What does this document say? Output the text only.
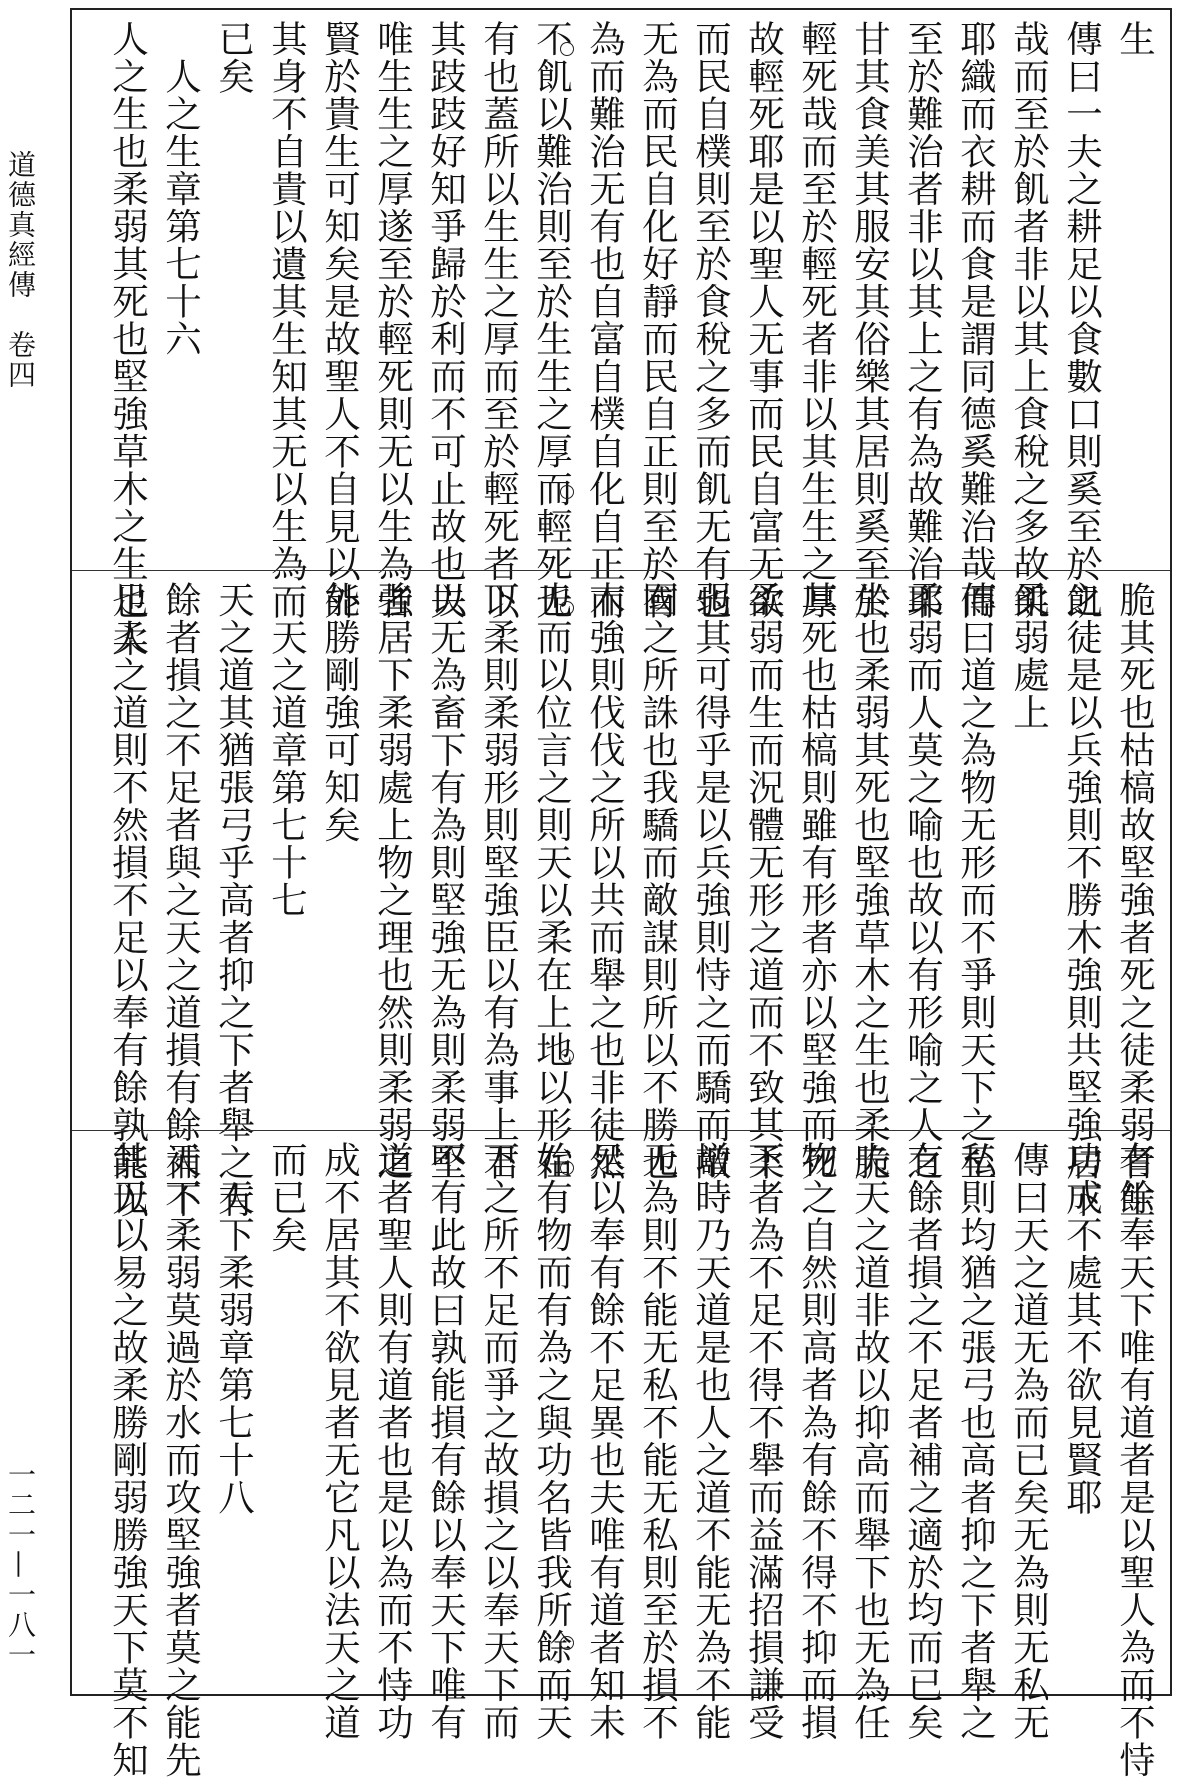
道德真經傳　卷四
一二一—一八一
生
傳曰一夫之耕足以食數口則奚至於飢
哉而至於飢者非以其上食稅之多故飢
耶織而衣耕而食是謂同德奚難治哉而
至於難治者非以其上之有為故難治耶
甘其食美其服安其俗樂其居則奚至於
輕死哉而至於輕死者非以其生生之厚
故輕死耶是以聖人无事而民自富无欲
而民自樸則至於食稅之多而飢无有也
无為而民自化好靜而民自正則至於有
為而難治无有也自富自樸自化自正而
不飢以難治則至於生生之厚而輕死无
有也蓋所以生生之厚而至於輕死者以
其跂跂好知爭歸於利而不可止故也夫
唯生生之厚遂至於輕死則无以生為者
賢於貴生可知矣是故聖人不自見以外
其身不自貴以遺其生知其无以生為而
已矣
　人之生章第七十六
人之生也柔弱其死也堅強草木之生也柔
脆其死也枯槁故堅強者死之徒柔弱者生
之徒是以兵強則不勝木強則共堅強居下
柔弱處上
傳曰道之為物无形而不爭則天下之至
柔弱而人莫之喻也故以有形喻之人之
生也柔弱其死也堅強草木之生也柔脆
其死也枯槁則雖有形者亦以堅強而死
柔弱而生而況體无形之道而不致其柔
弱其可得乎是以兵強則恃之而驕而敵
國之所誅也我驕而敵謀則所以不勝也
木強則伐伐之所以共而舉之也非徒然
也而以位言之則天以柔在上地以形在
下柔則柔弱形則堅強臣以有為事上君
以无為畜下有為則堅強无為則柔弱堅
強居下柔弱處上物之理也然則柔弱之
能勝剛強可知矣
　天之道章第七十七
天之道其猶張弓乎高者抑之下者舉之有
餘者損之不足者與之天之道損有餘補不
足人之道則不然損不足以奉有餘孰能以
有餘奉天下唯有道者是以聖人為而不恃
功成不處其不欲見賢耶
傳曰天之道无為而已矣无為則无私无
私則均猶之張弓也高者抑之下者舉之
有餘者損之不足者補之適於均而已矣
夫天之道非故以抑高而舉下也无為任
物之自然則高者為有餘不得不抑而損
下者為不足不得不舉而益滿招損謙受
增時乃天道是也人之道不能无為不能
无為則不能无私不能无私則至於損不
足以奉有餘不足異也夫唯有道者知未
始有物而有為之與功名皆我所餘而天
下之所不足而爭之故損之以奉天下而
不有此故曰孰能損有餘以奉天下唯有
道者聖人則有道者也是以為而不恃功
成不居其不欲見者无它凡以法天之道
而已矣
　天下柔弱章第七十八
天下柔弱莫過於水而攻堅強者莫之能先
其无以易之故柔勝剛弱勝強天下莫不知
